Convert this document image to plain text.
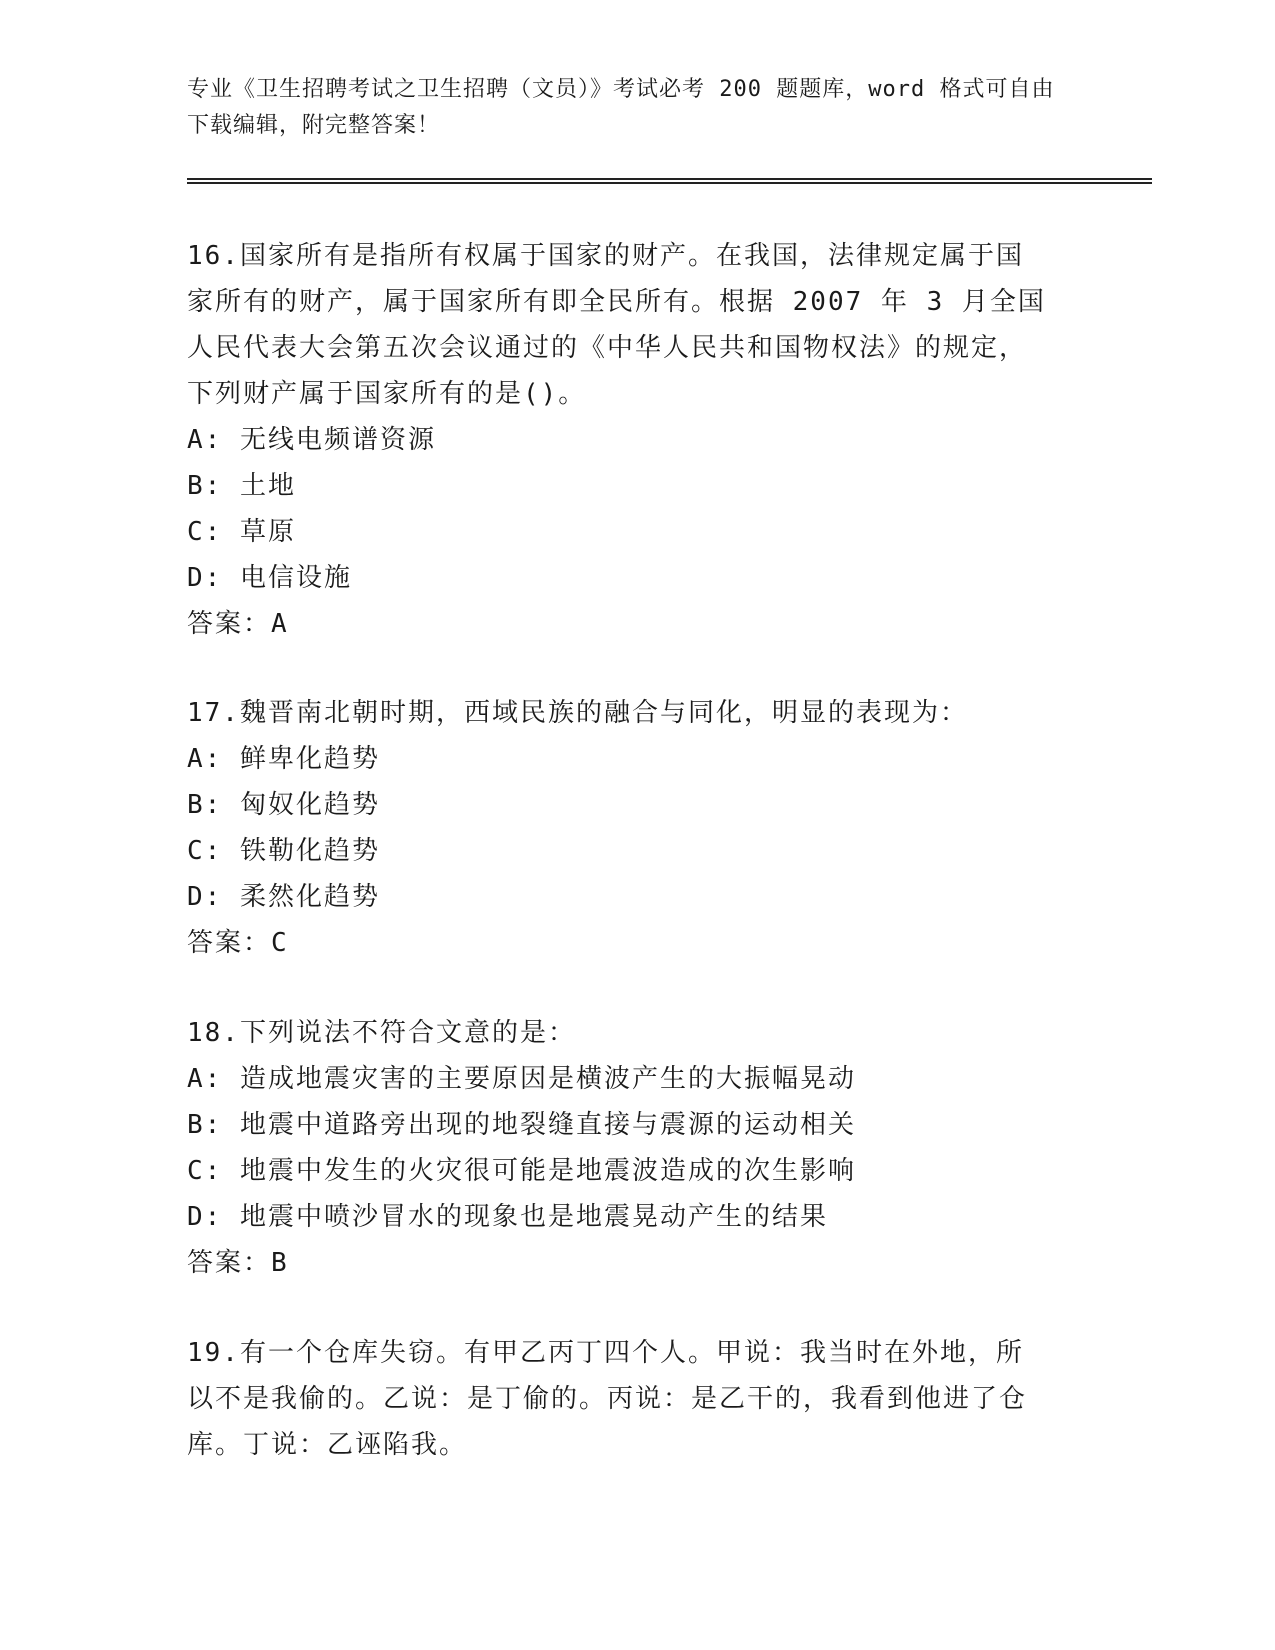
专业《卫生招聘考试之卫生招聘（文员）》考试必考 200 题题库，word 格式可自由下载编辑，附完整答案！
16.国家所有是指所有权属于国家的财产。在我国，法律规定属于国家所有的财产，属于国家所有即全民所有。根据 2007 年 3 月全国人民代表大会第五次会议通过的《中华人民共和国物权法》的规定，下列财产属于国家所有的是()。
A: 无线电频谱资源
B: 土地
C: 草原
D: 电信设施
答案：A
17.魏晋南北朝时期，西域民族的融合与同化，明显的表现为：
A: 鲜卑化趋势
B: 匈奴化趋势
C: 铁勒化趋势
D: 柔然化趋势
答案：C
18.下列说法不符合文意的是：
A: 造成地震灾害的主要原因是横波产生的大振幅晃动
B: 地震中道路旁出现的地裂缝直接与震源的运动相关
C: 地震中发生的火灾很可能是地震波造成的次生影响
D: 地震中喷沙冒水的现象也是地震晃动产生的结果
答案：B
19.有一个仓库失窃。有甲乙丙丁四个人。甲说：我当时在外地，所以不是我偷的。乙说：是丁偷的。丙说：是乙干的，我看到他进了仓库。丁说：乙诬陷我。
